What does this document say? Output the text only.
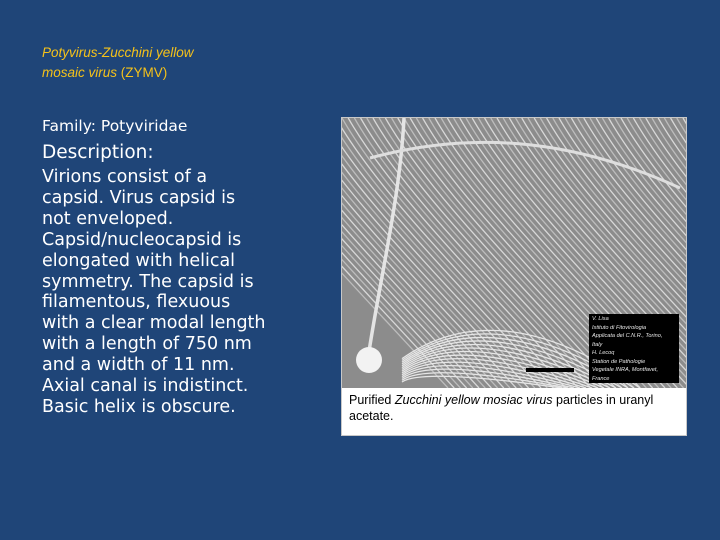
Potyvirus-Zucchini yellow
mosaic virus (ZYMV)
Family: Potyviridae
Description:
Virions consist of a capsid. Virus capsid is not enveloped. Capsid/nucleocapsid is elongated with helical symmetry. The capsid is filamentous, flexuous with a clear modal length with a length of 750 nm and a width of 11 nm. Axial canal is indistinct. Basic helix is obscure.
V. Lisa
Istituto di Fitovirologia
Applicata del C.N.R., Torino,
Italy
H. Lecoq
Station de Pathologie
Vegetale INRA, Montfavet,
France
Purified Zucchini yellow mosiac virus particles in uranyl acetate.
